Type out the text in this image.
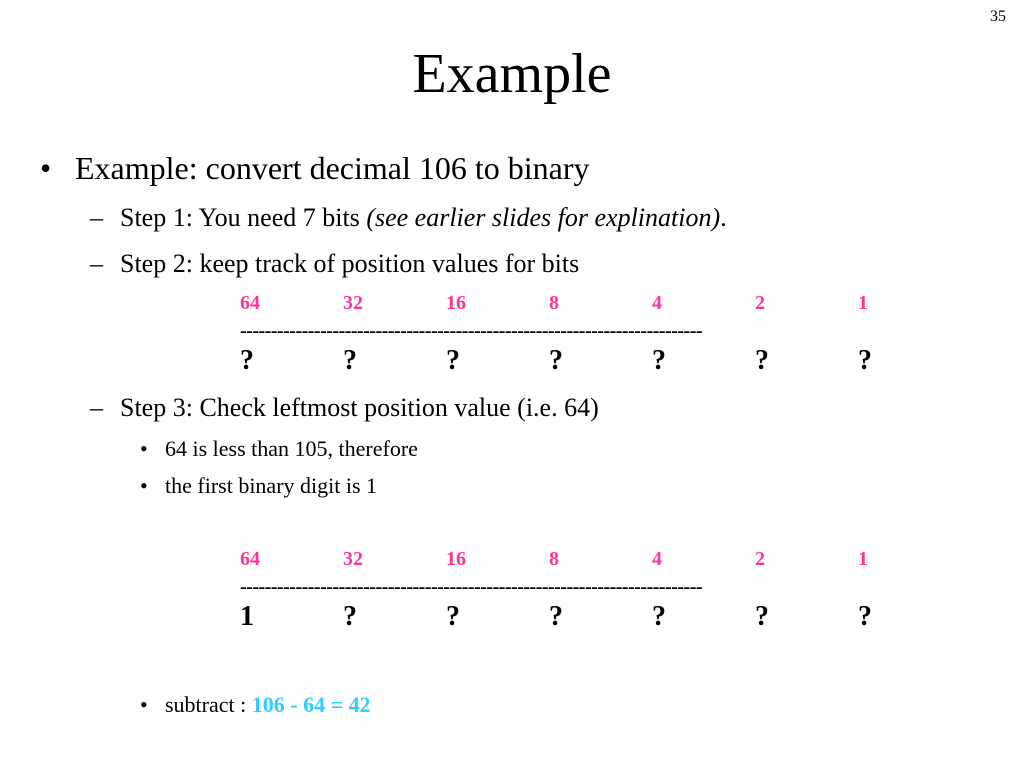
35
Example
• Example: convert decimal 106 to binary
– Step 1: You need 7 bits (see earlier slides for explination).
– Step 2: keep track of position values for bits
64	32	16	8	4	2	1
---------------------------------------------------------------------------
?	?	?	?	?	?	?
– Step 3: Check leftmost position value (i.e. 64)
• 64 is less than 105, therefore
• the first binary digit is 1
64	32	16	8	4	2	1
---------------------------------------------------------------------------
1	?	?	?	?	?	?
• subtract : 106 - 64 = 42
